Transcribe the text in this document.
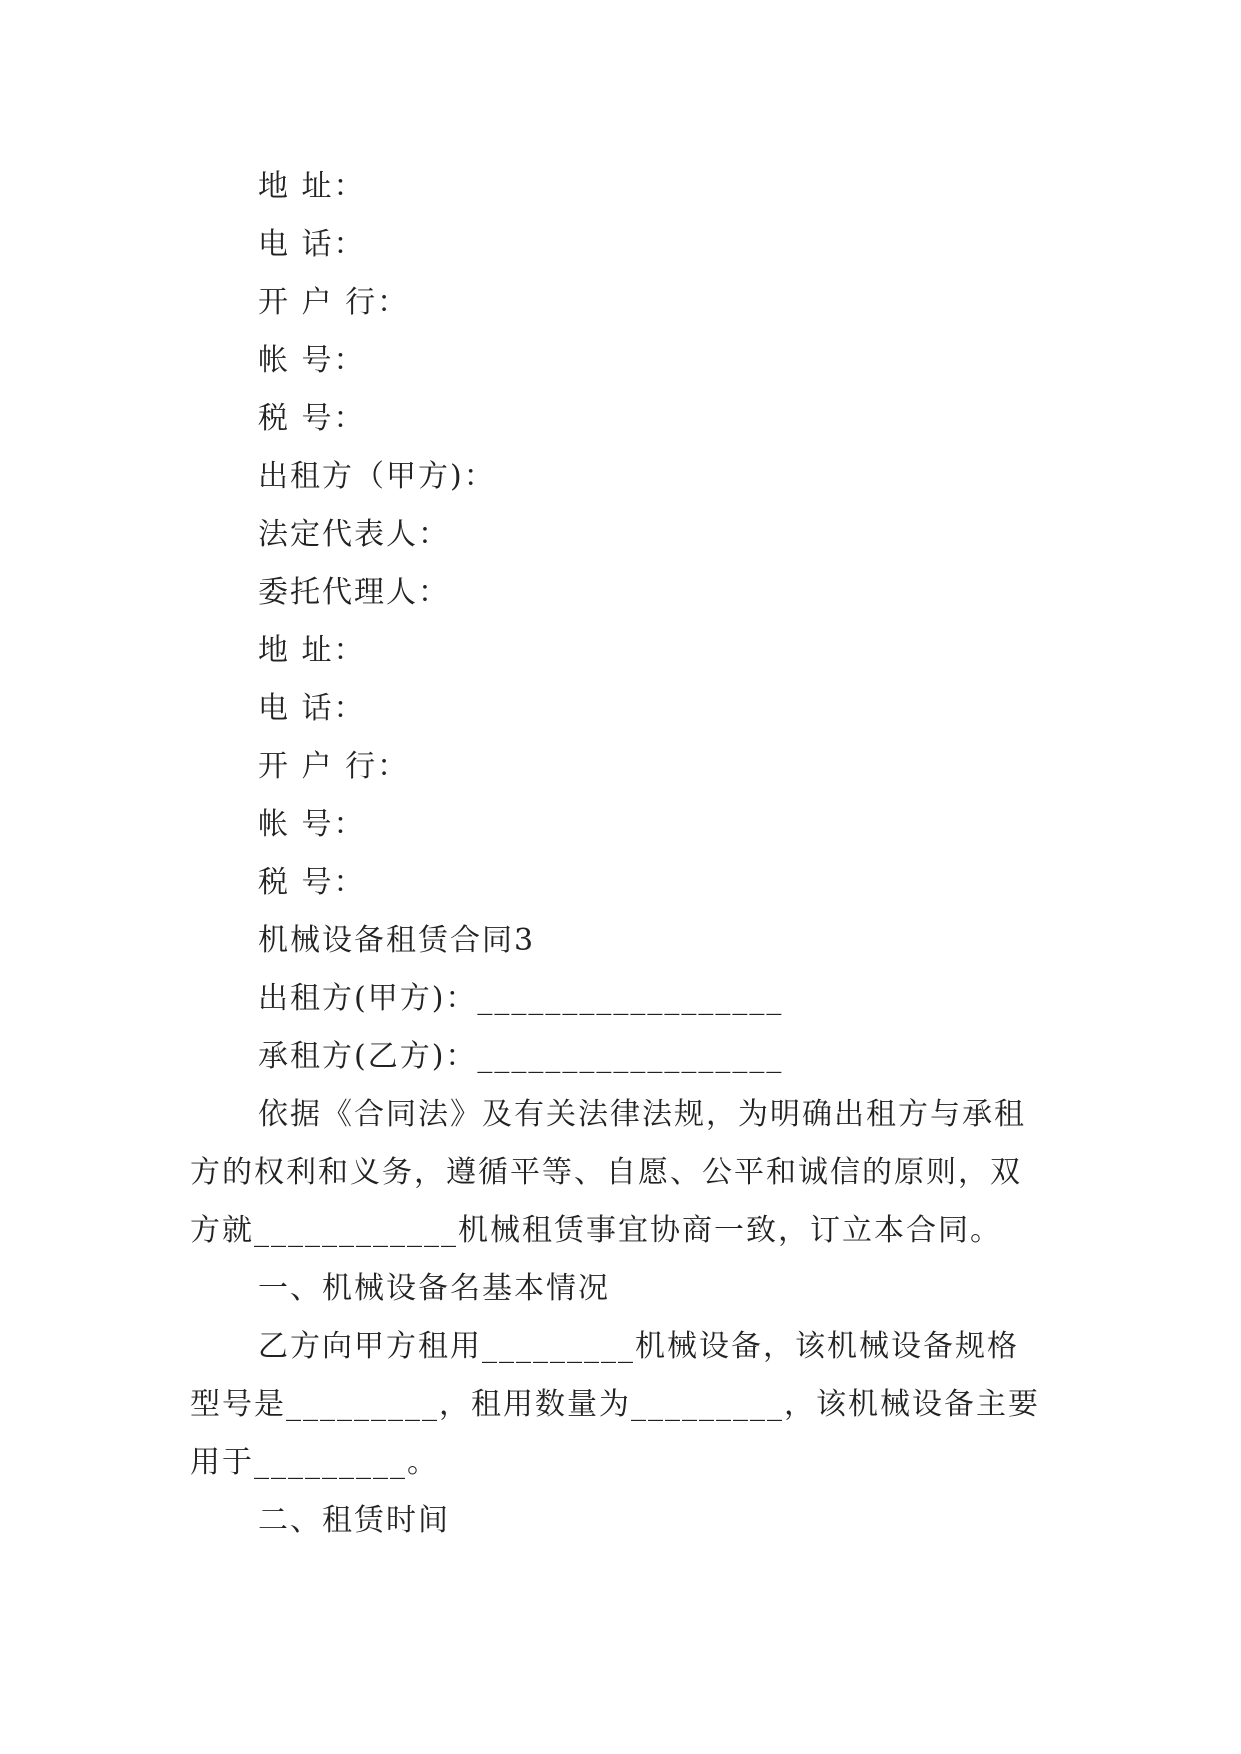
地 址：
电 话：
开 户 行：
帐 号：
税 号：
出租方（甲方)：
法定代表人：
委托代理人：
地 址：
电 话：
开 户 行：
帐 号：
税 号：
机械设备租赁合同3
出租方(甲方)：__________________
承租方(乙方)：__________________
依据《合同法》及有关法律法规，为明确出租方与承租
方的权利和义务，遵循平等、自愿、公平和诚信的原则，双
方就____________机械租赁事宜协商一致，订立本合同。
一、机械设备名基本情况
乙方向甲方租用_________机械设备，该机械设备规格
型号是_________，租用数量为_________，该机械设备主要
用于_________。
二、租赁时间
